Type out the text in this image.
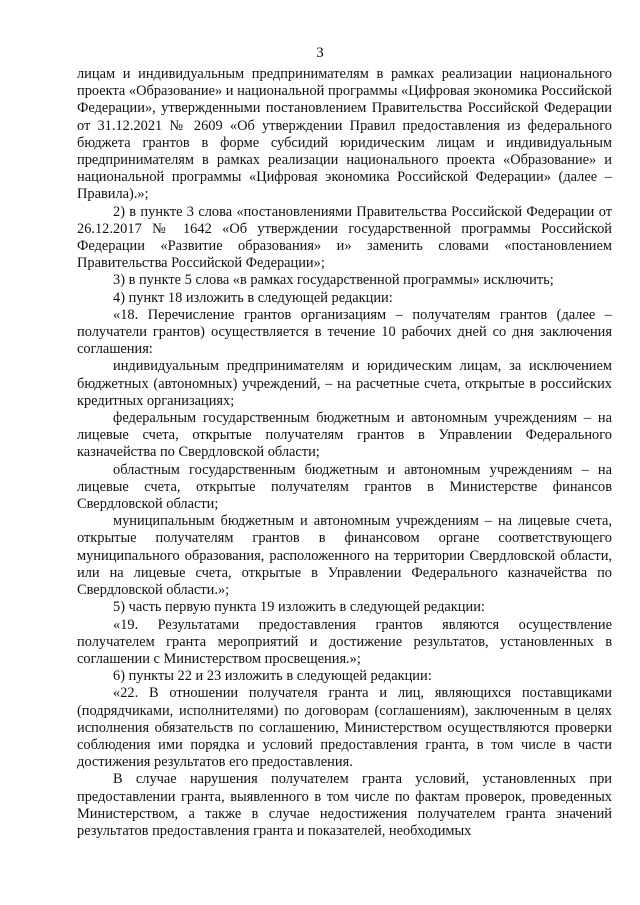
3

лицам и индивидуальным предпринимателям в рамках реализации национального проекта «Образование» и национальной программы «Цифровая экономика Российской Федерации», утвержденными постановлением Правительства Российской Федерации от 31.12.2021 № 2609 «Об утверждении Правил предоставления из федерального бюджета грантов в форме субсидий юридическим лицам и индивидуальным предпринимателям в рамках реализации национального проекта «Образование» и национальной программы «Цифровая экономика Российской Федерации» (далее – Правила).»;

2) в пункте 3 слова «постановлениями Правительства Российской Федерации от 26.12.2017 № 1642 «Об утверждении государственной программы Российской Федерации «Развитие образования» и» заменить словами «постановлением Правительства Российской Федерации»;

3) в пункте 5 слова «в рамках государственной программы» исключить;

4) пункт 18 изложить в следующей редакции:

«18. Перечисление грантов организациям – получателям грантов (далее – получатели грантов) осуществляется в течение 10 рабочих дней со дня заключения соглашения:

индивидуальным предпринимателям и юридическим лицам, за исключением бюджетных (автономных) учреждений, – на расчетные счета, открытые в российских кредитных организациях;

федеральным государственным бюджетным и автономным учреждениям – на лицевые счета, открытые получателям грантов в Управлении Федерального казначейства по Свердловской области;

областным государственным бюджетным и автономным учреждениям – на лицевые счета, открытые получателям грантов в Министерстве финансов Свердловской области;

муниципальным бюджетным и автономным учреждениям – на лицевые счета, открытые получателям грантов в финансовом органе соответствующего муниципального образования, расположенного на территории Свердловской области, или на лицевые счета, открытые в Управлении Федерального казначейства по Свердловской области.»;

5) часть первую пункта 19 изложить в следующей редакции:

«19. Результатами предоставления грантов являются осуществление получателем гранта мероприятий и достижение результатов, установленных в соглашении с Министерством просвещения.»;

6) пункты 22 и 23 изложить в следующей редакции:

«22. В отношении получателя гранта и лиц, являющихся поставщиками (подрядчиками, исполнителями) по договорам (соглашениям), заключенным в целях исполнения обязательств по соглашению, Министерством осуществляются проверки соблюдения ими порядка и условий предоставления гранта, в том числе в части достижения результатов его предоставления.

В случае нарушения получателем гранта условий, установленных при предоставлении гранта, выявленного в том числе по фактам проверок, проведенных Министерством, а также в случае недостижения получателем гранта значений результатов предоставления гранта и показателей, необходимых
